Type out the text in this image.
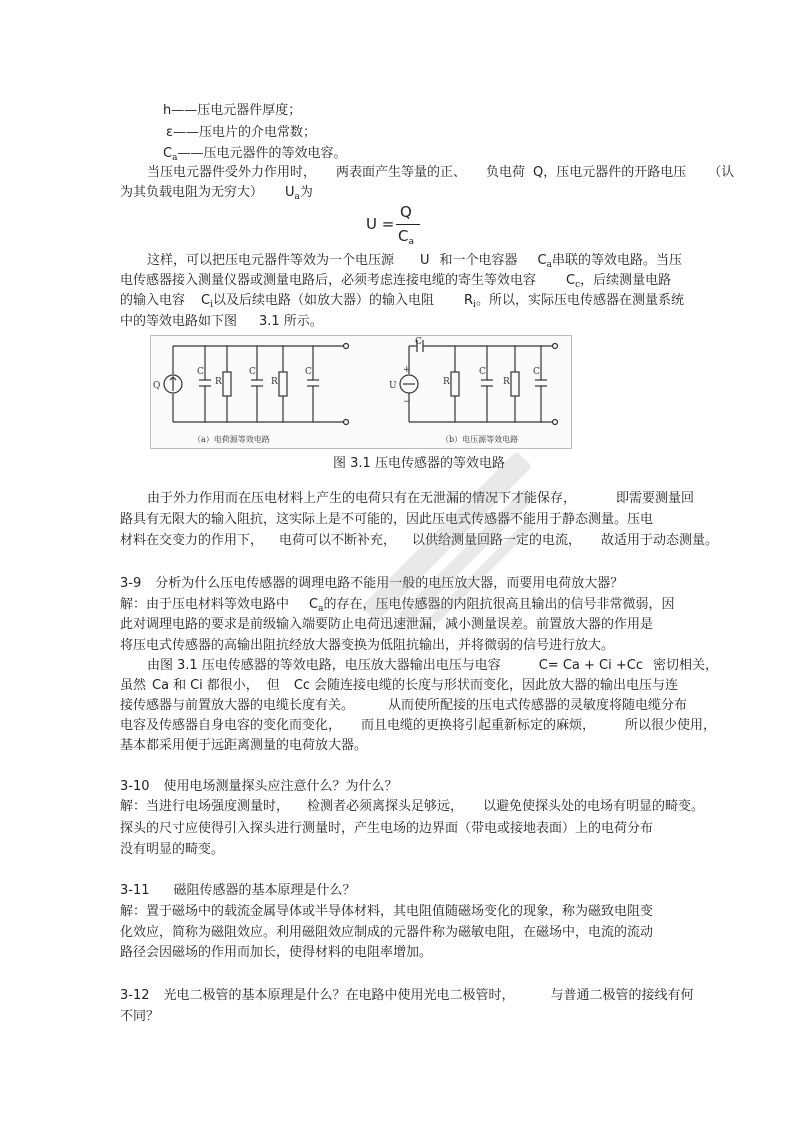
h——压电元器件厚度；
ε——压电片的介电常数；
$C_a——$压电元器件的等效电容。
当压电元器件受外力作用时， 两表面产生等量的正、 负电荷 Q，压电元器件的开路电压 （认
为其负载电阻为无穷大） $U_a$为
U =
Q
$C_a$
这样，可以把压电元器件等效为一个电压源 U 和一个电容器 $C_a$串联的等效电路。当压
电传感器接入测量仪器或测量电路后，必须考虑连接电缆的寄生等效电容 $C_c$，后续测量电路
的输入电容 $C_i$以及后续电路（如放大器）的输入电阻 $R_i$。所以，实际压电传感器在测量系统
中的等效电路如下图 3.1 所示。
Q
C
R
C
R
C
U
+
−
C
R
C
R
C
（a）电荷源等效电路	（b）电压源等效电路
图 3.1 压电传感器的等效电路
由于外力作用而在压电材料上产生的电荷只有在无泄漏的情况下才能保存，	即需要测量回
路具有无限大的输入阻抗，这实际上是不可能的，因此压电式传感器不能用于静态测量。压电
材料在交变力的作用下， 电荷可以不断补充， 以供给测量回路一定的电流， 故适用于动态测量。
3-9 分析为什么压电传感器的调理电路不能用一般的电压放大器，而要用电荷放大器？
解：由于压电材料等效电路中 $C_a$的存在，压电传感器的内阻抗很高且输出的信号非常微弱，因
此对调理电路的要求是前级输入端要防止电荷迅速泄漏，减小测量误差。前置放大器的作用是
将压电式传感器的高输出阻抗经放大器变换为低阻抗输出，并将微弱的信号进行放大。
由图 3.1 压电传感器的等效电路，电压放大器输出电压与电容	C= Ca + Ci +Cc 密切相关，
虽然 Ca 和 Ci 都很小， 但 Cc 会随连接电缆的长度与形状而变化，因此放大器的输出电压与连
接传感器与前置放大器的电缆长度有关。	从而使所配接的压电式传感器的灵敏度将随电缆分布
电容及传感器自身电容的变化而变化， 而且电缆的更换将引起重新标定的麻烦， 所以很少使用，
基本都采用便于远距离测量的电荷放大器。
3-10 使用电场测量探头应注意什么？为什么？
解：当进行电场强度测量时， 检测者必须离探头足够远， 以避免使探头处的电场有明显的畸变。
探头的尺寸应使得引入探头进行测量时，产生电场的边界面（带电或接地表面）上的电荷分布
没有明显的畸变。
3-11 磁阻传感器的基本原理是什么？
解：置于磁场中的载流金属导体或半导体材料，其电阻值随磁场变化的现象，称为磁致电阻变
化效应，简称为磁阻效应。利用磁阻效应制成的元器件称为磁敏电阻，在磁场中，电流的流动
路径会因磁场的作用而加长，使得材料的电阻率增加。
3-12 光电二极管的基本原理是什么？在电路中使用光电二极管时，	与普通二极管的接线有何
不同？
